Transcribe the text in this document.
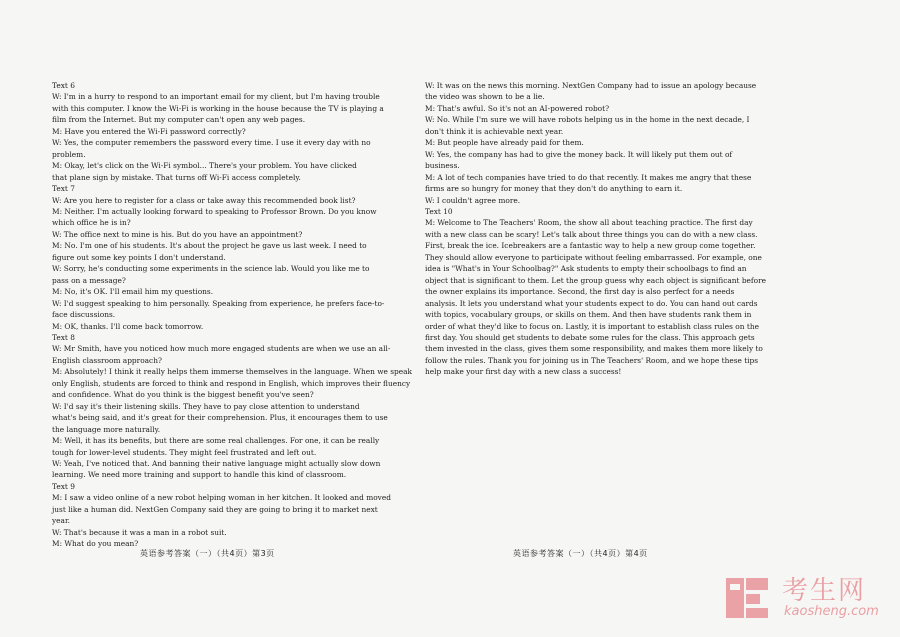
Text 6
W: I'm in a hurry to respond to an important email for my client, but I'm having trouble
with this computer. I know the Wi-Fi is working in the house because the TV is playing a
film from the Internet. But my computer can't open any web pages.
M: Have you entered the Wi-Fi password correctly?
W: Yes, the computer remembers the password every time. I use it every day with no
problem.
M: Okay, let's click on the Wi-Fi symbol... There's your problem. You have clicked
that plane sign by mistake. That turns off Wi-Fi access completely.
Text 7
W: Are you here to register for a class or take away this recommended book list?
M: Neither. I'm actually looking forward to speaking to Professor Brown. Do you know
which office he is in?
W: The office next to mine is his. But do you have an appointment?
M: No. I'm one of his students. It's about the project he gave us last week. I need to
figure out some key points I don't understand.
W: Sorry, he's conducting some experiments in the science lab. Would you like me to
pass on a message?
M: No, it's OK. I'll email him my questions.
W: I'd suggest speaking to him personally. Speaking from experience, he prefers face-to-
face discussions.
M: OK, thanks. I'll come back tomorrow.
Text 8
W: Mr Smith, have you noticed how much more engaged students are when we use an all-
English classroom approach?
M: Absolutely! I think it really helps them immerse themselves in the language. When we speak
only English, students are forced to think and respond in English, which improves their fluency
and confidence. What do you think is the biggest benefit you've seen?
W: I'd say it's their listening skills. They have to pay close attention to understand
what's being said, and it's great for their comprehension. Plus, it encourages them to use
the language more naturally.
M: Well, it has its benefits, but there are some real challenges. For one, it can be really
tough for lower-level students. They might feel frustrated and left out.
W: Yeah, I've noticed that. And banning their native language might actually slow down
learning. We need more training and support to handle this kind of classroom.
Text 9
M: I saw a video online of a new robot helping woman in her kitchen. It looked and moved
just like a human did. NextGen Company said they are going to bring it to market next
year.
W: That's because it was a man in a robot suit.
M: What do you mean?
W: It was on the news this morning. NextGen Company had to issue an apology because
the video was shown to be a lie.
M: That's awful. So it's not an AI-powered robot?
W: No. While I'm sure we will have robots helping us in the home in the next decade, I
don't think it is achievable next year.
M: But people have already paid for them.
W: Yes, the company has had to give the money back. It will likely put them out of
business.
M: A lot of tech companies have tried to do that recently. It makes me angry that these
firms are so hungry for money that they don't do anything to earn it.
W: I couldn't agree more.
Text 10
M: Welcome to The Teachers' Room, the show all about teaching practice. The first day
with a new class can be scary! Let's talk about three things you can do with a new class.
First, break the ice. Icebreakers are a fantastic way to help a new group come together.
They should allow everyone to participate without feeling embarrassed. For example, one
idea is "What's in Your Schoolbag?" Ask students to empty their schoolbags to find an
object that is significant to them. Let the group guess why each object is significant before
the owner explains its importance. Second, the first day is also perfect for a needs
analysis. It lets you understand what your students expect to do. You can hand out cards
with topics, vocabulary groups, or skills on them. And then have students rank them in
order of what they'd like to focus on. Lastly, it is important to establish class rules on the
first day. You should get students to debate some rules for the class. This approach gets
them invested in the class, gives them some responsibility, and makes them more likely to
follow the rules. Thank you for joining us in The Teachers' Room, and we hope these tips
help make your first day with a new class a success!
英语参考答案（一）（共4页）第3页	英语参考答案（一）（共4页）第4页
考生网
kaosheng.com
